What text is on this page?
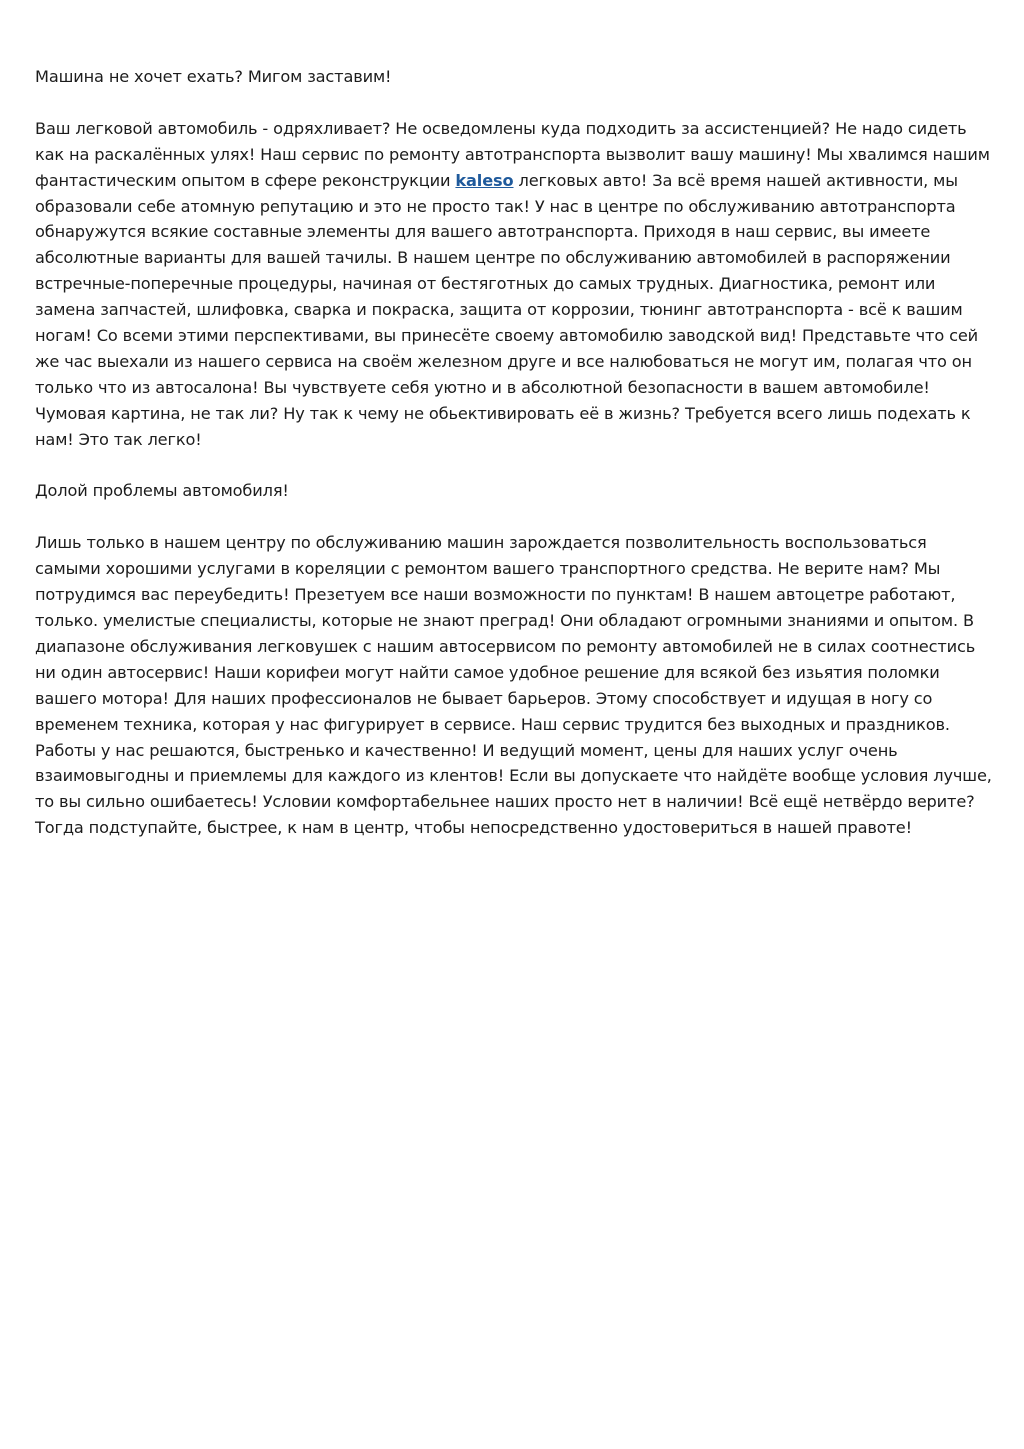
Машина не хочет ехать? Мигом заставим!

Ваш легковой автомобиль - одряхливает? Не осведомлены куда подходить за ассистенцией? Не надо сидеть как на раскалённых улях! Наш сервис по ремонту автотранспорта вызволит вашу машину! Мы хвалимся нашим фантастическим опытом в сфере реконструкции kaleso легковых авто! За всё время нашей активности, мы образовали себе атомную репутацию и это не просто так! У нас в центре по обслуживанию автотранспорта обнаружутся всякие составные элементы для вашего автотранспорта. Приходя в наш сервис, вы имеете абсолютные варианты для вашей тачилы. В нашем центре по обслуживанию автомобилей в распоряжении встречные-поперечные процедуры, начиная от бестяготных до самых трудных. Диагностика, ремонт или замена запчастей, шлифовка, сварка и покраска, защита от коррозии, тюнинг автотранспорта - всё к вашим ногам! Со всеми этими перспективами, вы принесёте своему автомобилю заводской вид! Представьте что сей же час выехали из нашего сервиса на своём железном друге и все налюбоваться не могут им, полагая что он только что из автосалона! Вы чувствуете себя уютно и в абсолютной безопасности в вашем автомобиле! Чумовая картина, не так ли? Ну так к чему не обьективировать её в жизнь? Требуется всего лишь подехать к нам! Это так легко!

Долой проблемы автомобиля!

Лишь только в нашем центру по обслуживанию машин зарождается позволительность воспользоваться самыми хорошими услугами в кореляции с ремонтом вашего транспортного средства. Не верите нам? Мы потрудимся вас переубедить! Презетуем все наши возможности по пунктам! В нашем автоцетре работают, только. умелистые специалисты, которые не знают преград! Они обладают огромными знаниями и опытом. В диапазоне обслуживания легковушек с нашим автосервисом по ремонту автомобилей не в силах соотнестись ни один автосервис! Наши корифеи могут найти самое удобное решение для всякой без изьятия поломки вашего мотора! Для наших профессионалов не бывает барьеров. Этому способствует и идущая в ногу со временем техника, которая у нас фигурирует в сервисе. Наш сервис трудится без выходных и праздников. Работы у нас решаются, быстренько и качественно! И ведущий момент, цены для наших услуг очень взаимовыгодны и приемлемы для каждого из клентов! Если вы допускаете что найдёте вообще условия лучше, то вы сильно ошибаетесь! Условии комфортабельнее наших просто нет в наличии! Всё ещё нетвёрдо верите? Тогда подступайте, быстрее, к нам в центр, чтобы непосредственно удостовериться в нашей правоте!
